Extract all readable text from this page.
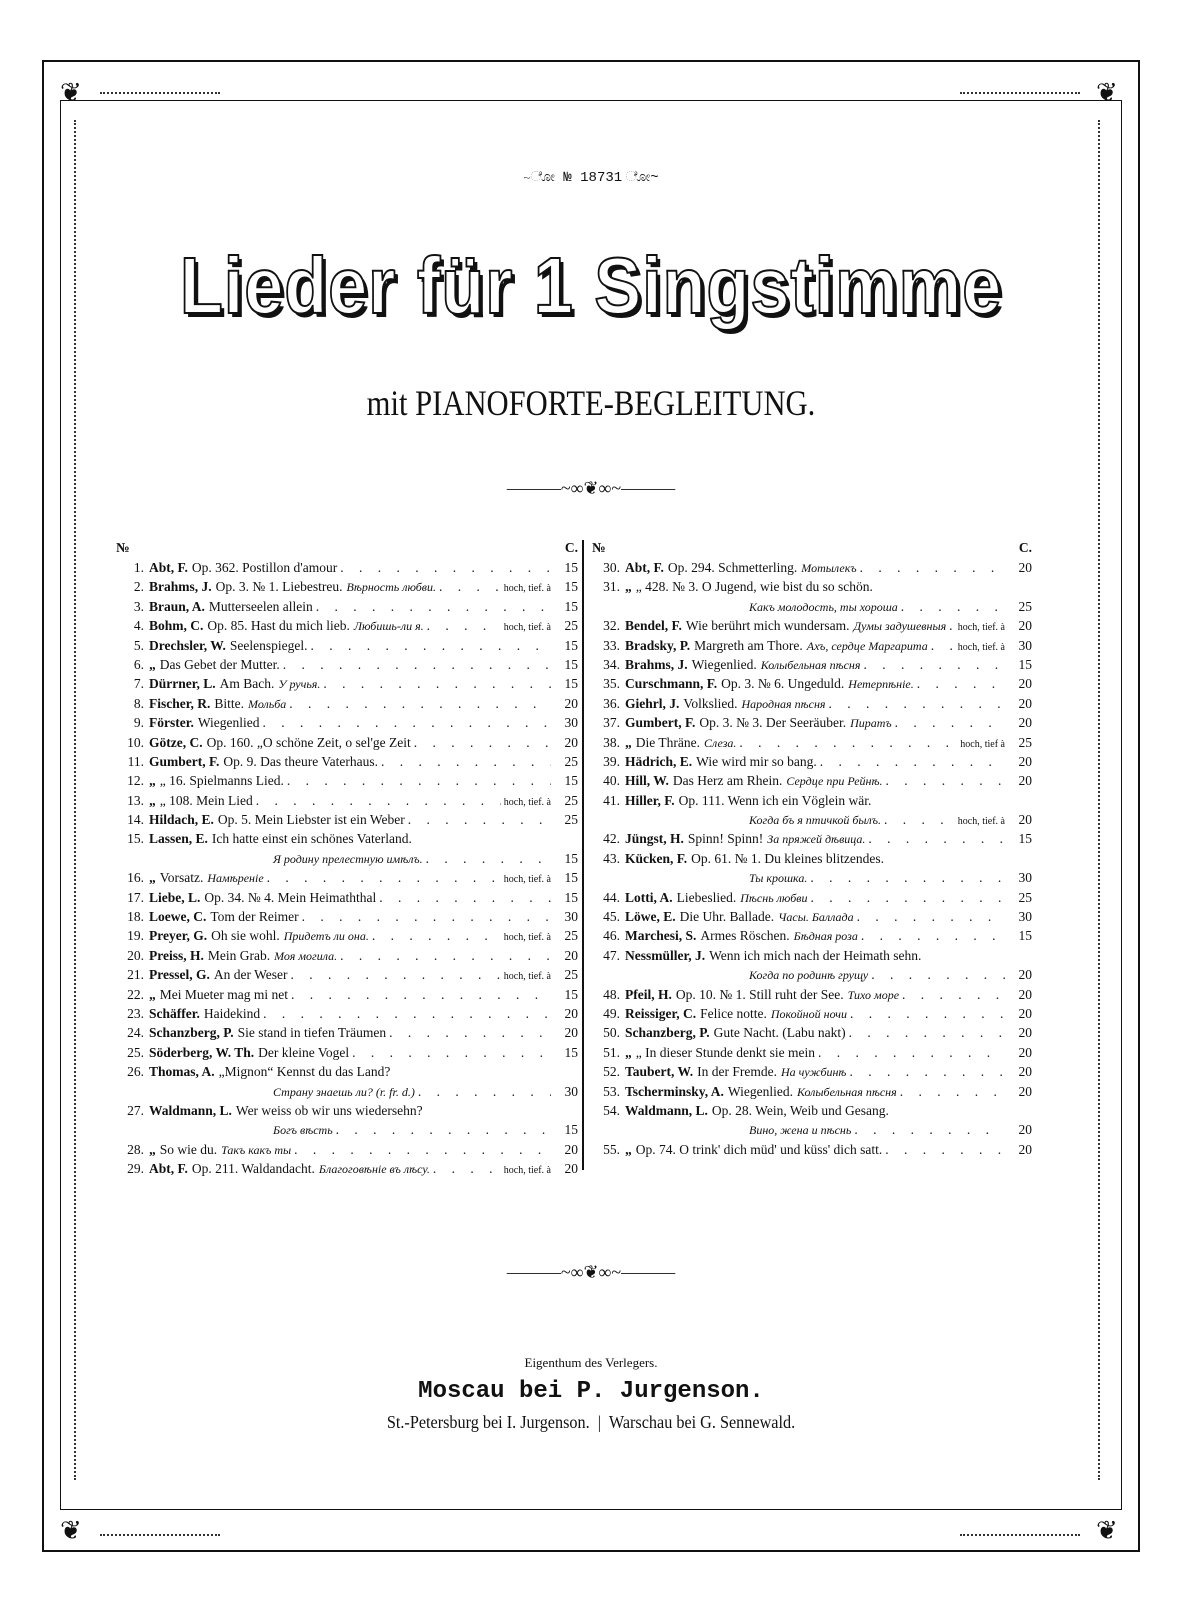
❦	❦
❦	❦
~ೋ № 18731 ೋ~
Lieder für 1 Singstimme
mit PIANOFORTE-BEGLEITUNG.
———~∞❦∞~———
№	C.
1. Abt, F. Op. 362. Postillon d'amour . . .	15
2. Brahms, J. Op. 3. № 1. Liebestreu. Вѣрность любви. . . .	hoch, tief. à	15
3. Braun, A. Mutterseelen allein . . .	15
4. Bohm, C. Op. 85. Hast du mich lieb. Любишь-ли я. . . .	hoch, tief. à	25
5. Drechsler, W. Seelenspiegel. . . .	15
6. „ Das Gebet der Mutter. . . .	15
7. Dürrner, L. Am Bach. У ручья. . . .	15
8. Fischer, R. Bitte. Мольба . . .	20
9. Förster. Wiegenlied . . .	30
10. Götze, C. Op. 160. „O schöne Zeit, o sel'ge Zeit . . .	20
11. Gumbert, F. Op. 9. Das theure Vaterhaus. . . .	25
12. „ „ 16. Spielmanns Lied. . . .	15
13. „ „ 108. Mein Lied . . .	hoch, tief. à	25
14. Hildach, E. Op. 5. Mein Liebster ist ein Weber . . .	25
15. Lassen, E. Ich hatte einst ein schönes Vaterland.
Я родину прелестную имѣлъ. . . .	15
16. „ Vorsatz. Намѣреніе . . .	hoch, tief. à	15
17. Liebe, L. Op. 34. № 4. Mein Heimaththal . . .	15
18. Loewe, C. Tom der Reimer . . .	30
19. Preyer, G. Oh sie wohl. Придетъ ли она. . . .	hoch, tief. à	25
20. Preiss, H. Mein Grab. Моя могила. . . .	20
21. Pressel, G. An der Weser . . .	hoch, tief. à	25
22. „ Mei Mueter mag mi net . . .	15
23. Schäffer. Haidekind . . .	20
24. Schanzberg, P. Sie stand in tiefen Träumen . . .	20
25. Söderberg, W. Th. Der kleine Vogel . . .	15
26. Thomas, A. „Mignon“ Kennst du das Land?
Страну знаешь ли? (r. fr. d.) . . .	30
27. Waldmann, L. Wer weiss ob wir uns wiedersehn?
Богъ вѣсть . . .	15
28. „ So wie du. Такъ какъ ты . . .	20
29. Abt, F. Op. 211. Waldandacht. Благоговѣніе въ лѣсу. . . .	hoch, tief. à	20
№	C.
30. Abt, F. Op. 294. Schmetterling. Мотылекъ . . .	20
31. „ „ 428. № 3. O Jugend, wie bist du so schön.
Какъ молодость, ты хороша . . .	25
32. Bendel, F. Wie berührt mich wundersam. Думы задушевныя . . . hoch, tief. à	20
33. Bradsky, P. Margreth am Thore. Ахъ, сердце Маргарита . . .	hoch, tief. à	30
34. Brahms, J. Wiegenlied. Колыбельная пѣсня . . .	15
35. Curschmann, F. Op. 3. № 6. Ungeduld. Нетерпѣніе. . . .	20
36. Giehrl, J. Volkslied. Народная пѣсня . . .	20
37. Gumbert, F. Op. 3. № 3. Der Seeräuber. Пиратъ . . .	20
38. „ Die Thräne. Слеза. . . .	hoch, tief à	25
39. Hädrich, E. Wie wird mir so bang. . . .	20
40. Hill, W. Das Herz am Rhein. Сердце при Рейнѣ. . . .	20
41. Hiller, F. Op. 111. Wenn ich ein Vöglein wär.
Когда бъ я птичкой былъ. . . .	hoch, tief. à	20
42. Jüngst, H. Spinn! Spinn! За пряжей дѣвица. . . .	15
43. Kücken, F. Op. 61. № 1. Du kleines blitzendes.
Ты крошка. . . .	30
44. Lotti, A. Liebeslied. Пѣснь любви . . .	25
45. Löwe, E. Die Uhr. Ballade. Часы. Баллада . . .	30
46. Marchesi, S. Armes Röschen. Бѣдная роза . . .	15
47. Nessmüller, J. Wenn ich mich nach der Heimath sehn.
Когда по родинѣ грущу . . .	20
48. Pfeil, H. Op. 10. № 1. Still ruht der See. Тихо море . . .	20
49. Reissiger, C. Felice notte. Покойной ночи . . .	20
50. Schanzberg, P. Gute Nacht. (Labu nakt) . . .	20
51. „ „ In dieser Stunde denkt sie mein . . .	20
52. Taubert, W. In der Fremde. На чужбинѣ . . .	20
53. Tscherminsky, A. Wiegenlied. Колыбельная пѣсня . . .	20
54. Waldmann, L. Op. 28. Wein, Weib und Gesang.
Вино, жена и пѣснь . . .	20
55. „ Op. 74. O trink' dich müd' und küss' dich satt. . . .	20
———~∞❦∞~———
Eigenthum des Verlegers.
Moscau bei P. Jurgenson.
St.-Petersburg bei I. Jurgenson.  |  Warschau bei G. Sennewald.
